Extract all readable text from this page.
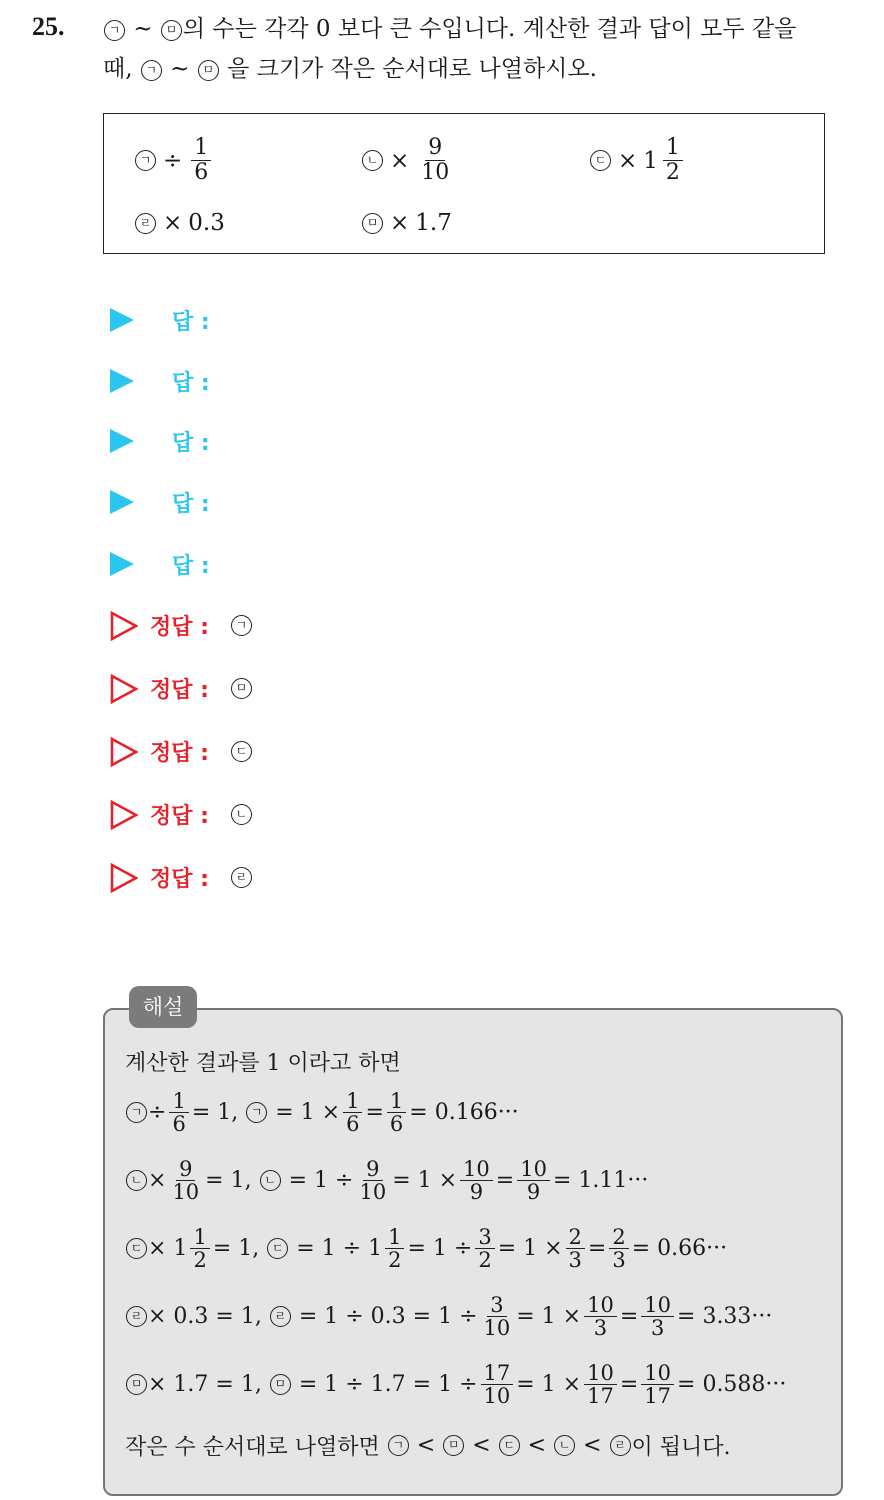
25.	ㄱ ~ ㅁ 의 수는 각각 0 보다 큰 수입니다. 계산한 결과 답이 모두 같을
때, ㄱ ~ ㅁ 을 크기가 작은 순서대로 나열하시오.
ㄱ ÷ $\frac{1}{6}$	ㄴ × $\frac{9}{10}$	ㄷ × $1 \frac{1}{2}$
ㄹ × 0.3	ㅁ × 1.7
답 :
답 :
답 :
답 :
답 :
정답 :	ㄱ
정답 :	ㅁ
정답 :	ㄷ
정답 :	ㄴ
정답 :	ㄹ
해설
계산한 결과를 1 이라고 하면
ㄱ ÷ $\frac{1}{6} = 1$,
	ㄱ
= $1 \times \frac{1}{6} = \frac{1}{6} = 0.166\cdot\cdot\cdot$
ㄴ × $\frac{9}{10} = 1$,
	ㄴ
= $1 \div \frac{9}{10} = 1 \times \frac{10}{9} = \frac{10}{9} = 1.11\cdot\cdot\cdot$
ㄷ × $1 \frac{1}{2} = 1$,
	ㄷ
= $1 \div 1 \frac{1}{2} = 1 \div \frac{3}{2} = 1 \times \frac{2}{3} = \frac{2}{3} = 0.66\cdot\cdot\cdot$
ㄹ × 0.3 = 1,
	ㄹ
= $1 \div 0.3 = 1 \div \frac{3}{10} = 1 \times \frac{10}{3} = \frac{10}{3} = 3.33\cdot\cdot\cdot$
ㅁ × 1.7 = 1,
	ㅁ
= $1 \div 1.7 = 1 \div \frac{17}{10} = 1 \times \frac{10}{17} = \frac{10}{17} = 0.588\cdot\cdot\cdot$
작은 수 순서대로 나열하면
	ㄱ
<
	ㅁ
<
	ㄷ
<
	ㄴ
<
	ㄹ 이 됩니다.
